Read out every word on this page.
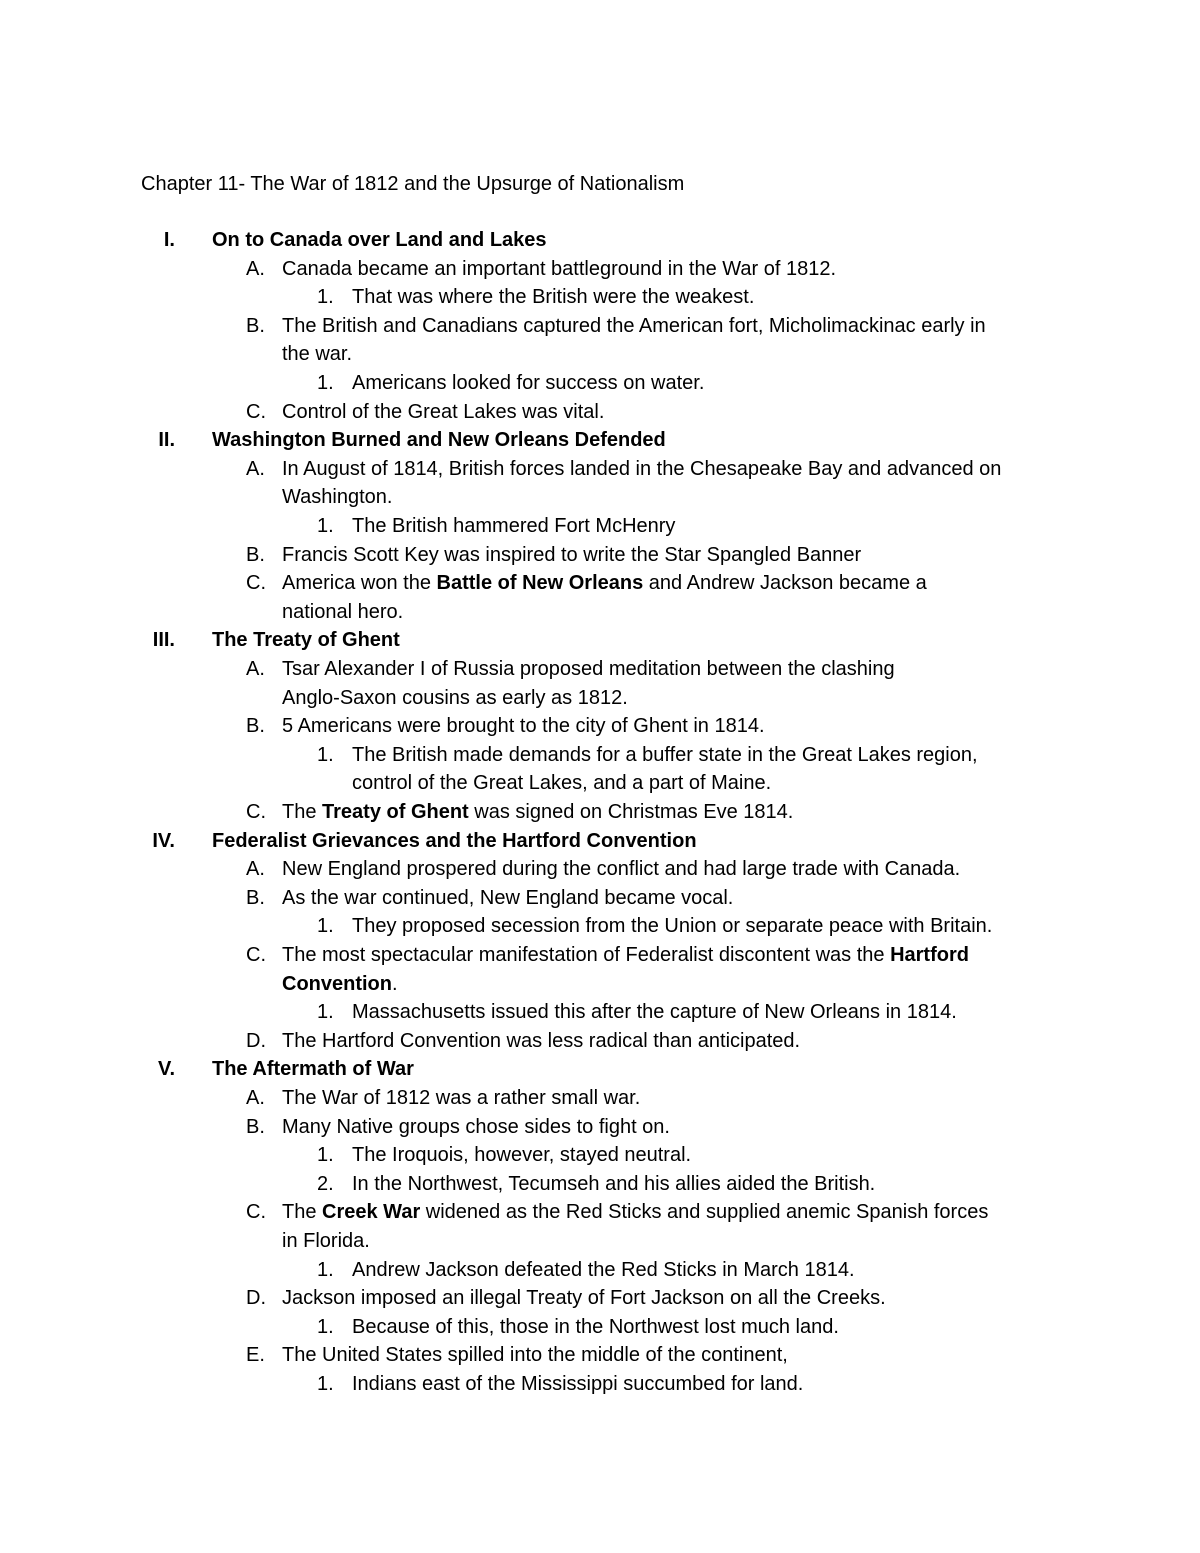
Chapter 11- The War of 1812 and the Upsurge of Nationalism
I. On to Canada over Land and Lakes
A. Canada became an important battleground in the War of 1812.
1. That was where the British were the weakest.
B. The British and Canadians captured the American fort, Micholimackinac early in
the war.
1. Americans looked for success on water.
C. Control of the Great Lakes was vital.
II. Washington Burned and New Orleans Defended
A. In August of 1814, British forces landed in the Chesapeake Bay and advanced on
Washington.
1. The British hammered Fort McHenry
B. Francis Scott Key was inspired to write the Star Spangled Banner
C. America won the Battle of New Orleans and Andrew Jackson became a
national hero.
III. The Treaty of Ghent
A. Tsar Alexander I of Russia proposed meditation between the clashing
Anglo-Saxon cousins as early as 1812.
B. 5 Americans were brought to the city of Ghent in 1814.
1. The British made demands for a buffer state in the Great Lakes region,
control of the Great Lakes, and a part of Maine.
C. The Treaty of Ghent was signed on Christmas Eve 1814.
IV. Federalist Grievances and the Hartford Convention
A. New England prospered during the conflict and had large trade with Canada.
B. As the war continued, New England became vocal.
1. They proposed secession from the Union or separate peace with Britain.
C. The most spectacular manifestation of Federalist discontent was the Hartford
Convention.
1. Massachusetts issued this after the capture of New Orleans in 1814.
D. The Hartford Convention was less radical than anticipated.
V. The Aftermath of War
A. The War of 1812 was a rather small war.
B. Many Native groups chose sides to fight on.
1. The Iroquois, however, stayed neutral.
2. In the Northwest, Tecumseh and his allies aided the British.
C. The Creek War widened as the Red Sticks and supplied anemic Spanish forces
in Florida.
1. Andrew Jackson defeated the Red Sticks in March 1814.
D. Jackson imposed an illegal Treaty of Fort Jackson on all the Creeks.
1. Because of this, those in the Northwest lost much land.
E. The United States spilled into the middle of the continent,
1. Indians east of the Mississippi succumbed for land.
